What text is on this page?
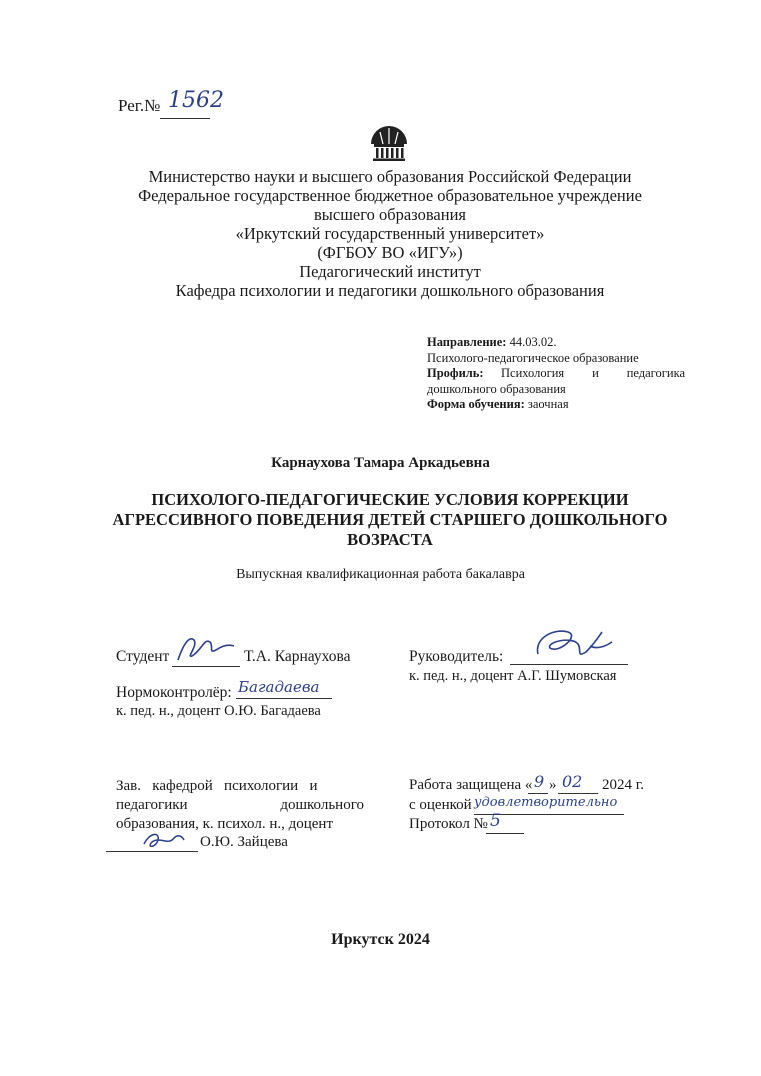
Рег.№ 1562
Министерство науки и высшего образования Российской Федерации
Федеральное государственное бюджетное образовательное учреждение
высшего образования
«Иркутский государственный университет»
(ФГБОУ ВО «ИГУ»)
Педагогический институт
Кафедра психологии и педагогики дошкольного образования
Направление: 44.03.02.
Психолого-педагогическое образование
Профиль: Психология и педагогика
дошкольного образования
Форма обучения: заочная
Карнаухова Тамара Аркадьевна
ПСИХОЛОГО-ПЕДАГОГИЧЕСКИЕ УСЛОВИЯ КОРРЕКЦИИ
АГРЕССИВНОГО ПОВЕДЕНИЯ ДЕТЕЙ СТАРШЕГО ДОШКОЛЬНОГО
ВОЗРАСТА
Выпускная квалификационная работа бакалавра
Студент	Т.А. Карнаухова	Руководитель:
к. пед. н., доцент А.Г. Шумовская
Нормоконтролёр: Багадаева
к. пед. н., доцент О.Ю. Багадаева
Зав.   кафедрой   психологии   и
педагогики	дошкольного
образования, к. психол. н., доцент
О.Ю. Зайцева
Работа защищена « 9 » 02 2024 г.
с оценкой удовлетворительно
Протокол № 5
Иркутск 2024
